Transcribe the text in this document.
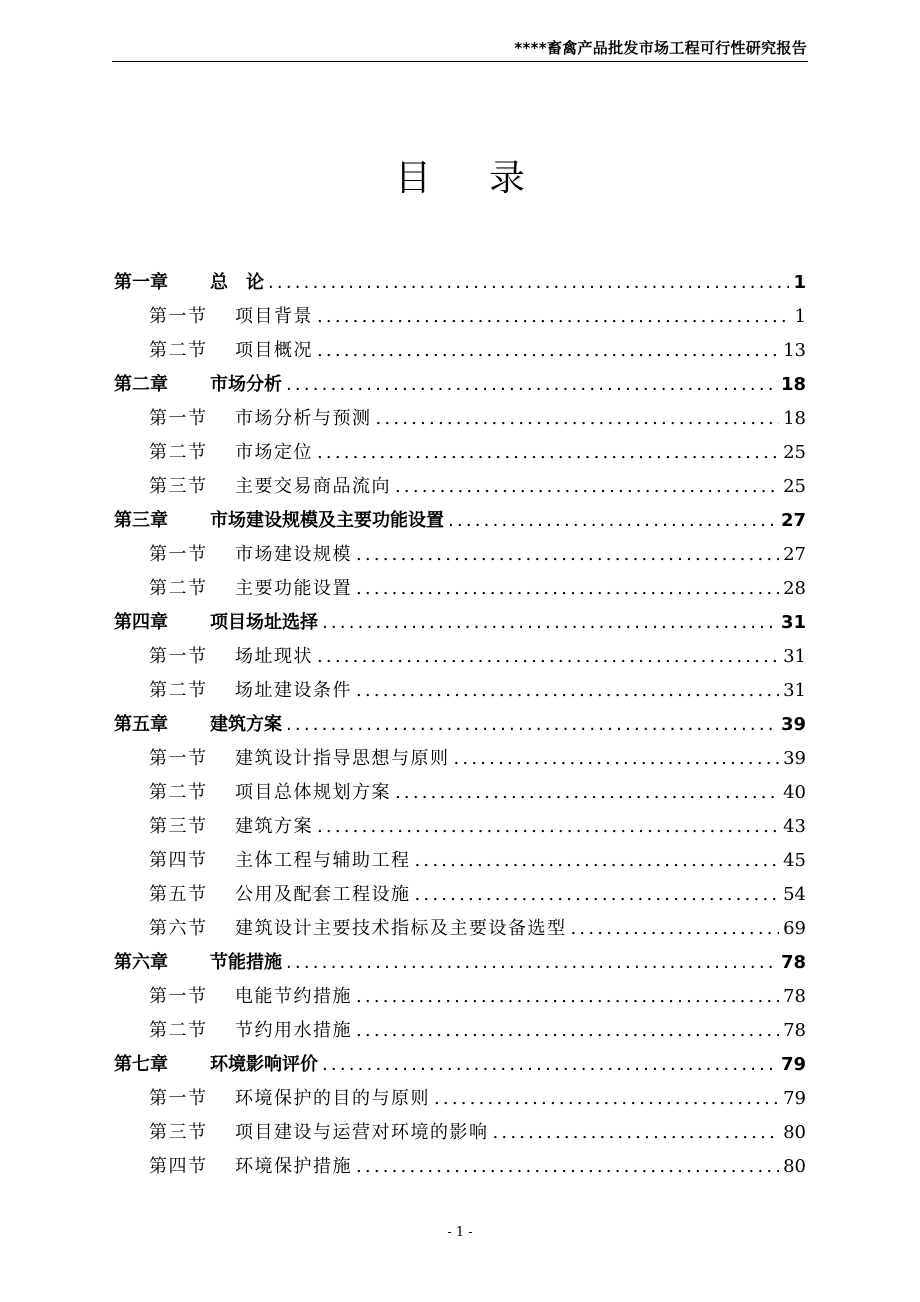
****畜禽产品批发市场工程可行性研究报告
目录
第一章	总　论 .....	1
第一节	项目背景 .....	1
第二节	项目概况 .....	13
第二章	市场分析 .....	18
第一节	市场分析与预测 .....	18
第二节	市场定位 .....	25
第三节	主要交易商品流向 .....	25
第三章	市场建设规模及主要功能设置 .....	27
第一节	市场建设规模 .....	27
第二节	主要功能设置 .....	28
第四章	项目场址选择 .....	31
第一节	场址现状 .....	31
第二节	场址建设条件 .....	31
第五章	建筑方案 .....	39
第一节	建筑设计指导思想与原则 .....	39
第二节	项目总体规划方案 .....	40
第三节	建筑方案 .....	43
第四节	主体工程与辅助工程 .....	45
第五节	公用及配套工程设施 .....	54
第六节	建筑设计主要技术指标及主要设备选型 .....	69
第六章	节能措施 .....	78
第一节	电能节约措施 .....	78
第二节	节约用水措施 .....	78
第七章	环境影响评价 .....	79
第一节	环境保护的目的与原则 .....	79
第三节	项目建设与运营对环境的影响 .....	80
第四节	环境保护措施 .....	80
- 1 -
